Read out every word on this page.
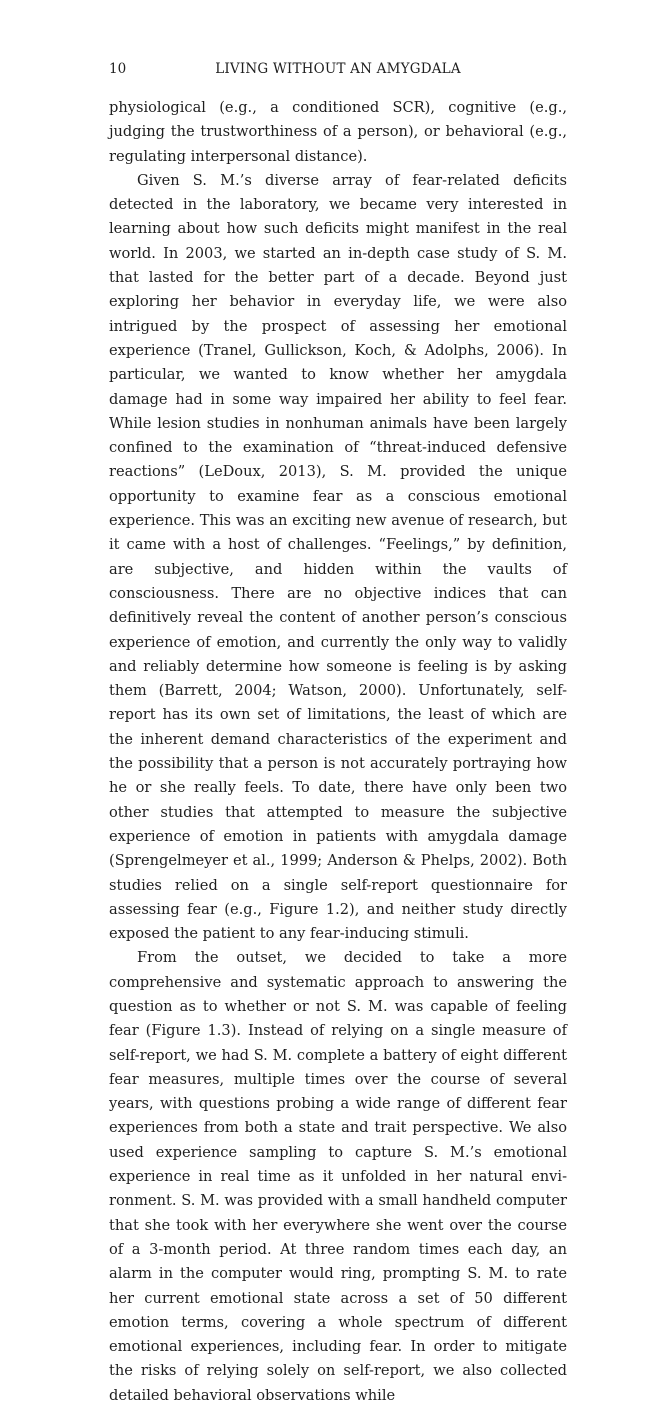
10	LIVING WITHOUT AN AMYGDALA

physiological (e.g., a conditioned SCR), cognitive (e.g., judging the trustworthiness of a person), or behavioral (e.g., regulating interpersonal distance).

Given S. M.’s diverse array of fear-related deficits detected in the laboratory, we became very interested in learning about how such deficits might manifest in the real world. In 2003, we started an in-depth case study of S. M. that lasted for the better part of a decade. Beyond just exploring her behavior in everyday life, we were also intrigued by the prospect of assessing her emotional experience (Tranel, Gullickson, Koch, & Adolphs, 2006). In particular, we wanted to know whether her amygdala damage had in some way impaired her ability to feel fear. While lesion studies in nonhuman animals have been largely confined to the examination of “threat-induced defensive reactions” (LeDoux, 2013), S. M. provided the unique opportunity to examine fear as a conscious emotional experience. This was an exciting new avenue of research, but it came with a host of challenges. “Feelings,” by definition, are subjective, and hidden within the vaults of consciousness. There are no objective indices that can definitively reveal the content of another person’s conscious experience of emotion, and currently the only way to validly and reliably determine how someone is feeling is by asking them (Barrett, 2004; Watson, 2000). Unfortunately, self-report has its own set of limitations, the least of which are the inherent demand characteristics of the experiment and the possibility that a person is not accurately portraying how he or she really feels. To date, there have only been two other studies that attempted to measure the subjective experience of emotion in patients with amygdala damage (Sprengelmeyer et al., 1999; Anderson & Phelps, 2002). Both studies relied on a single self-report questionnaire for assessing fear (e.g., Figure 1.2), and neither study directly exposed the patient to any fear-inducing stimuli.

From the outset, we decided to take a more comprehensive and systematic approach to answering the question as to whether or not S. M. was capable of feeling fear (Figure 1.3). Instead of relying on a single measure of self-report, we had S. M. complete a battery of eight different fear measures, multiple times over the course of several years, with questions probing a wide range of different fear experiences from both a state and trait perspective. We also used experience sampling to capture S. M.’s emotional experience in real time as it unfolded in her natural environment. S. M. was provided with a small handheld computer that she took with her everywhere she went over the course of a 3-month period. At three random times each day, an alarm in the computer would ring, prompting S. M. to rate her current emotional state across a set of 50 different emotion terms, covering a whole spectrum of different emotional experiences, including fear. In order to mitigate the risks of relying solely on self-report, we also collected detailed behavioral observations while
